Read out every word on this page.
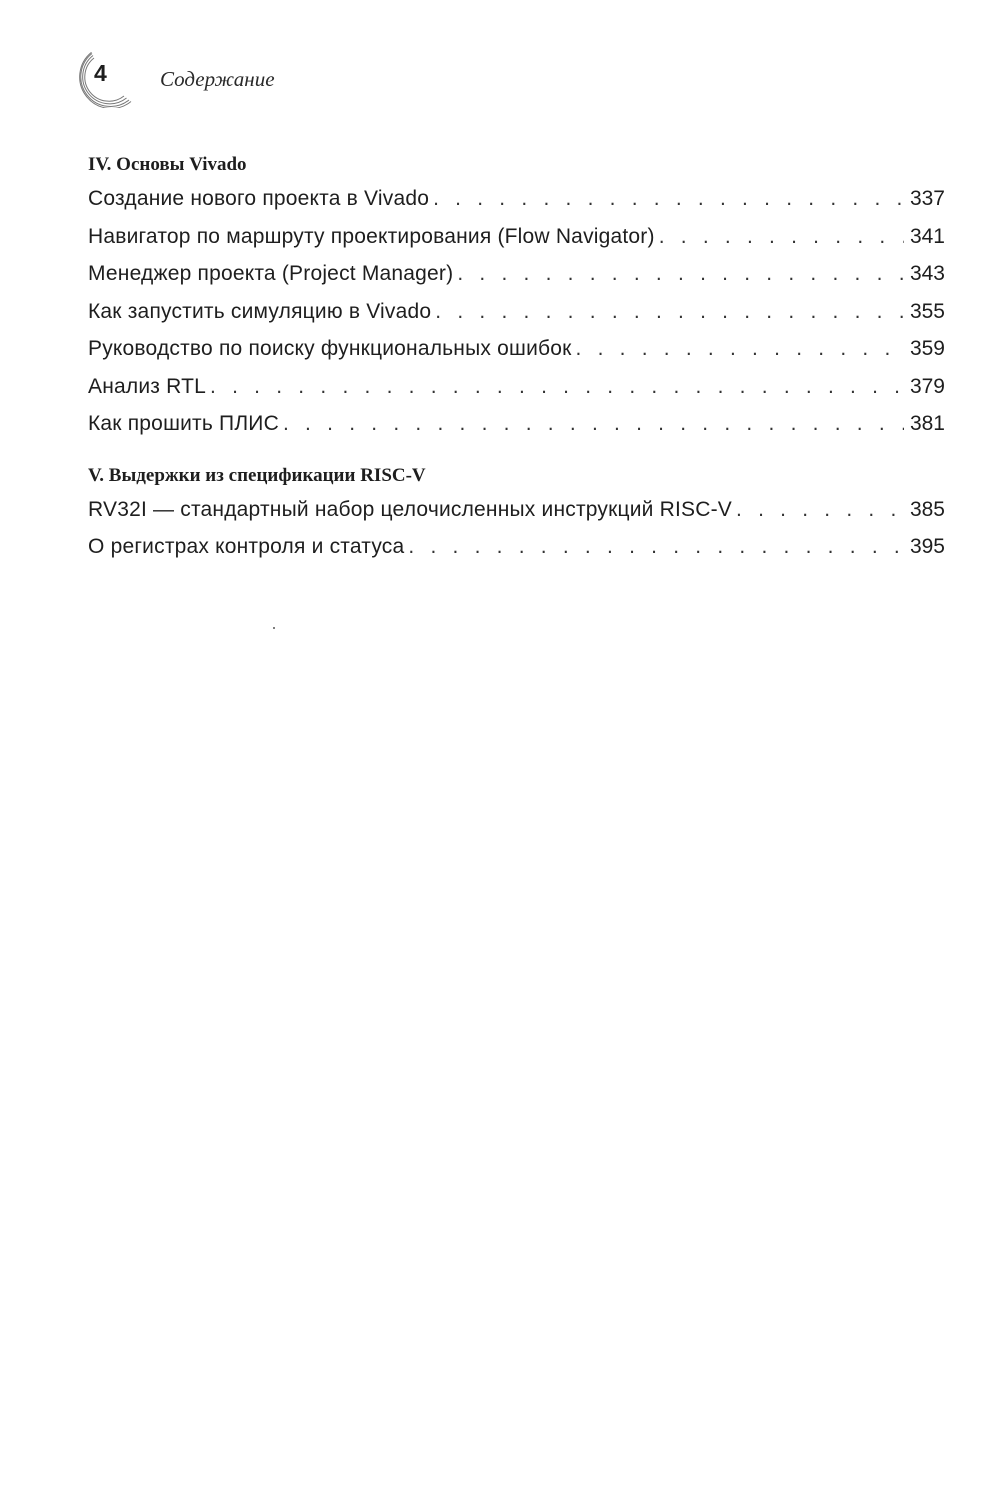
4	Содержание
IV. Основы Vivado
Создание нового проекта в Vivado . . .	337
Навигатор по маршруту проектирования (Flow Navigator) . . .	341
Менеджер проекта (Project Manager) . . .	343
Как запустить симуляцию в Vivado . . .	355
Руководство по поиску функциональных ошибок . . .	359
Анализ RTL . . .	379
Как прошить ПЛИС . . .	381
V. Выдержки из спецификации RISC-V
RV32I — стандартный набор целочисленных инструкций RISC-V . . .	385
О регистрах контроля и статуса . . .	395
